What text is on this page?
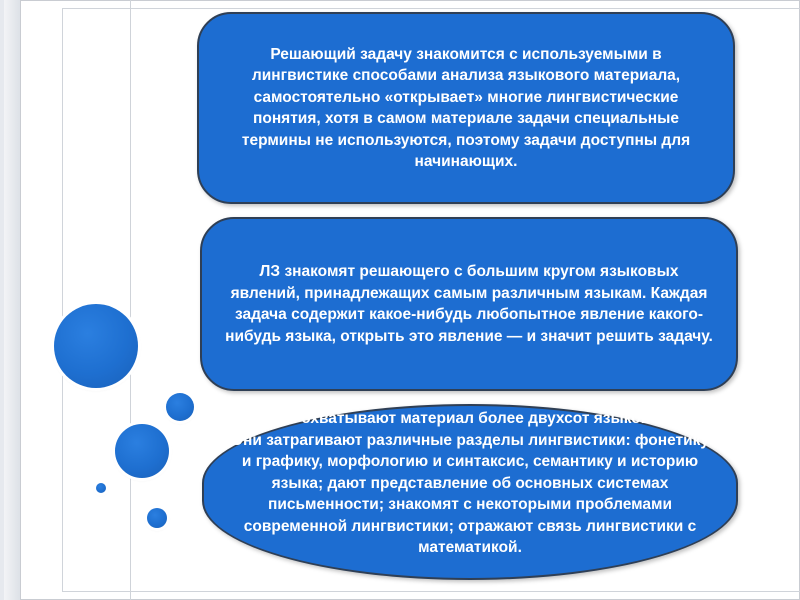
Решающий задачу знакомится с используемыми в лингвистике способами анализа языкового материала, самостоятельно «открывает» многие лингвистические понятия, хотя в самом материале задачи специальные термины не используются, поэтому задачи доступны для начинающих.
ЛЗ знакомят решающего с большим кругом языковых явлений, принадлежащих самым различным языкам. Каждая задача содержит какое-нибудь любопытное явление какого-нибудь языка, открыть это явление — и значит решить задачу.
Задачи охватывают материал более двухсот языков мира. Они затрагивают различные разделы лингвистики: фонетику и графику, морфологию и синтаксис, семантику и историю языка; дают представление об основных системах письменности; знакомят с некоторыми проблемами современной лингвистики; отражают связь лингвистики с математикой.
